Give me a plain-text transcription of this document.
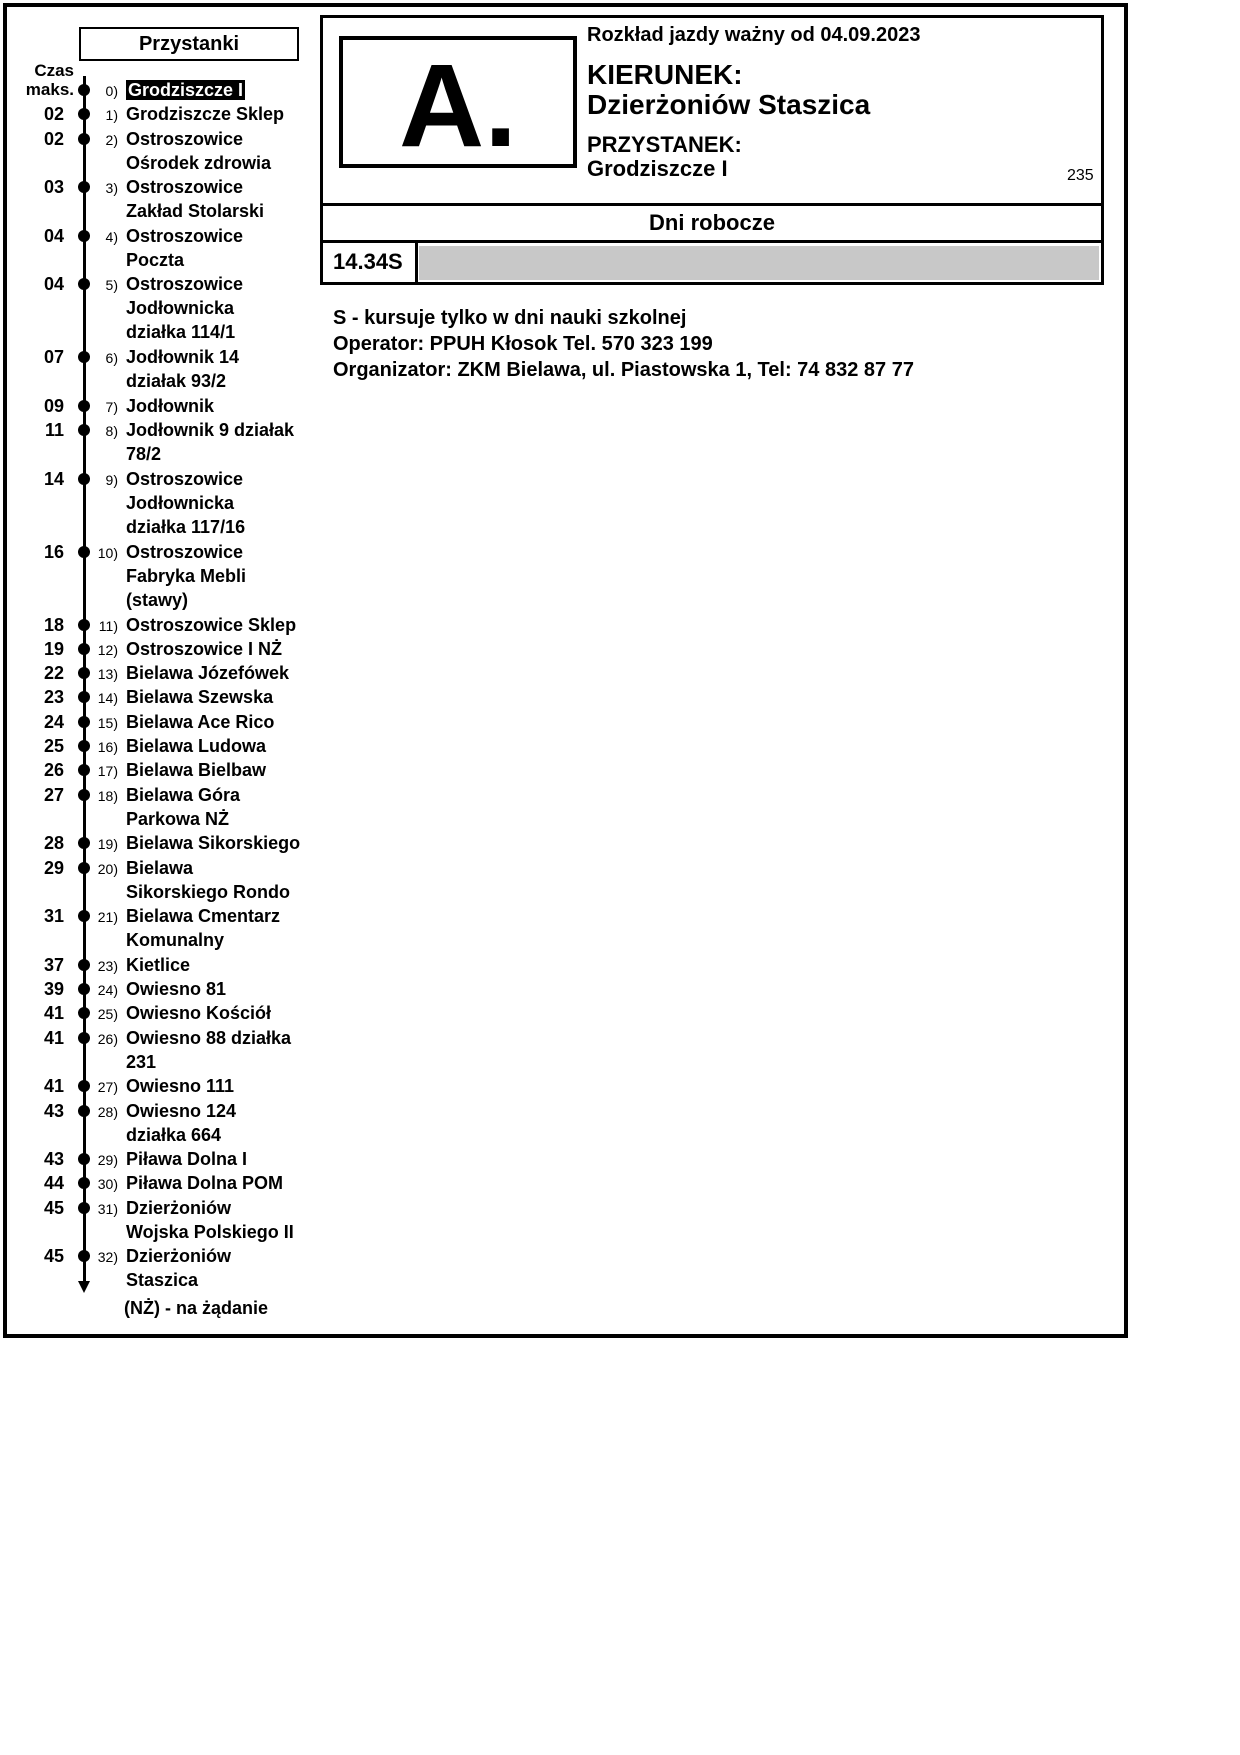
Przystanki
Czas
maks.	0) Grodziszcze I
02	1) Grodziszcze Sklep
02	2) Ostroszowice
Ośrodek zdrowia
03	3) Ostroszowice
Zakład Stolarski
04	4) Ostroszowice
Poczta
04	5) Ostroszowice
Jodłownicka
działka 114/1
07	6) Jodłownik 14
działak 93/2
09	7) Jodłownik
11	8) Jodłownik 9 działak
78/2
14	9) Ostroszowice
Jodłownicka
działka 117/16
16	10) Ostroszowice
Fabryka Mebli
(stawy)
18	11) Ostroszowice Sklep
19	12) Ostroszowice I NŻ
22	13) Bielawa Józefówek
23	14) Bielawa Szewska
24	15) Bielawa Ace Rico
25	16) Bielawa Ludowa
26	17) Bielawa Bielbaw
27	18) Bielawa Góra
Parkowa NŻ
28	19) Bielawa Sikorskiego
29	20) Bielawa
Sikorskiego Rondo
31	21) Bielawa Cmentarz
Komunalny
37	23) Kietlice
39	24) Owiesno 81
41	25) Owiesno Kościół
41	26) Owiesno 88 działka
231
41	27) Owiesno 111
43	28) Owiesno 124
działka 664
43	29) Piława Dolna I
44	30) Piława Dolna POM
45	31) Dzierżoniów
Wojska Polskiego II
45	32) Dzierżoniów
Staszica
(NŻ) - na żądanie
A.
Rozkład jazdy ważny od 04.09.2023
KIERUNEK:
Dzierżoniów Staszica
PRZYSTANEK:
Grodziszcze I	235
Dni robocze
14.34S
S - kursuje tylko w dni nauki szkolnej
Operator: PPUH Kłosok Tel. 570 323 199
Organizator: ZKM Bielawa, ul. Piastowska 1, Tel: 74 832 87 77
